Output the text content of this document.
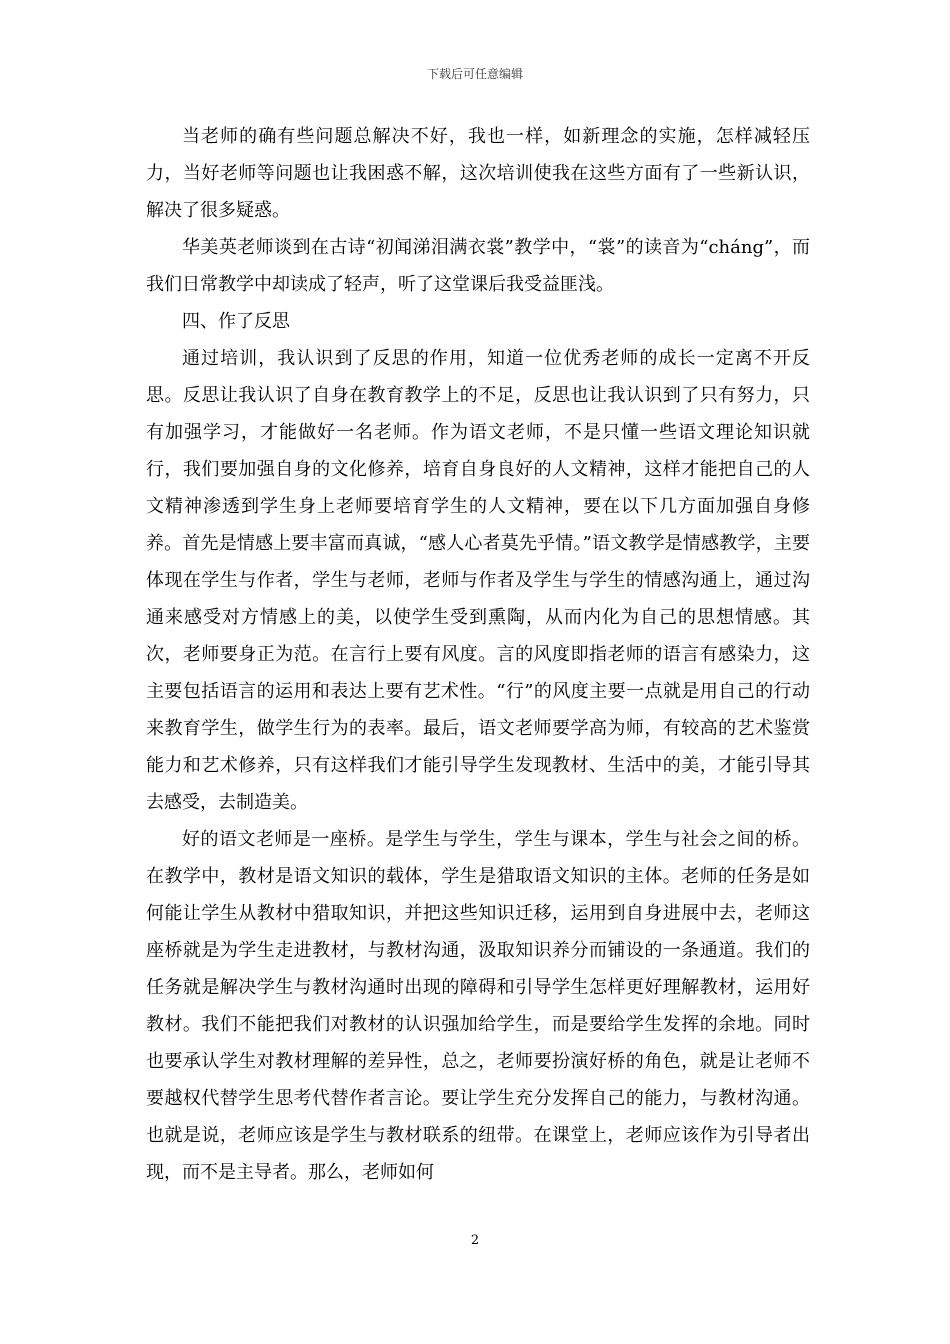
下载后可任意编辑

当老师的确有些问题总解决不好，我也一样，如新理念的实施，怎样减轻压力，当好老师等问题也让我困惑不解，这次培训使我在这些方面有了一些新认识，解决了很多疑惑。

华美英老师谈到在古诗“初闻涕泪满衣裳”教学中，“裳”的读音为“cháng”，而我们日常教学中却读成了轻声，听了这堂课后我受益匪浅。

四、作了反思

通过培训，我认识到了反思的作用，知道一位优秀老师的成长一定离不开反思。反思让我认识了自身在教育教学上的不足，反思也让我认识到了只有努力，只有加强学习，才能做好一名老师。作为语文老师，不是只懂一些语文理论知识就行，我们要加强自身的文化修养，培育自身良好的人文精神，这样才能把自己的人文精神渗透到学生身上老师要培育学生的人文精神，要在以下几方面加强自身修养。首先是情感上要丰富而真诚，“感人心者莫先乎情。”语文教学是情感教学，主要体现在学生与作者，学生与老师，老师与作者及学生与学生的情感沟通上，通过沟通来感受对方情感上的美，以使学生受到熏陶，从而内化为自己的思想情感。其次，老师要身正为范。在言行上要有风度。言的风度即指老师的语言有感染力，这主要包括语言的运用和表达上要有艺术性。“行”的风度主要一点就是用自己的行动来教育学生，做学生行为的表率。最后，语文老师要学高为师，有较高的艺术鉴赏能力和艺术修养，只有这样我们才能引导学生发现教材、生活中的美，才能引导其去感受，去制造美。

好的语文老师是一座桥。是学生与学生，学生与课本，学生与社会之间的桥。在教学中，教材是语文知识的载体，学生是猎取语文知识的主体。老师的任务是如何能让学生从教材中猎取知识，并把这些知识迁移，运用到自身进展中去，老师这座桥就是为学生走进教材，与教材沟通，汲取知识养分而铺设的一条通道。我们的任务就是解决学生与教材沟通时出现的障碍和引导学生怎样更好理解教材，运用好教材。我们不能把我们对教材的认识强加给学生，而是要给学生发挥的余地。同时也要承认学生对教材理解的差异性，总之，老师要扮演好桥的角色，就是让老师不要越权代替学生思考代替作者言论。要让学生充分发挥自己的能力，与教材沟通。也就是说，老师应该是学生与教材联系的纽带。在课堂上，老师应该作为引导者出现，而不是主导者。那么，老师如何

2
